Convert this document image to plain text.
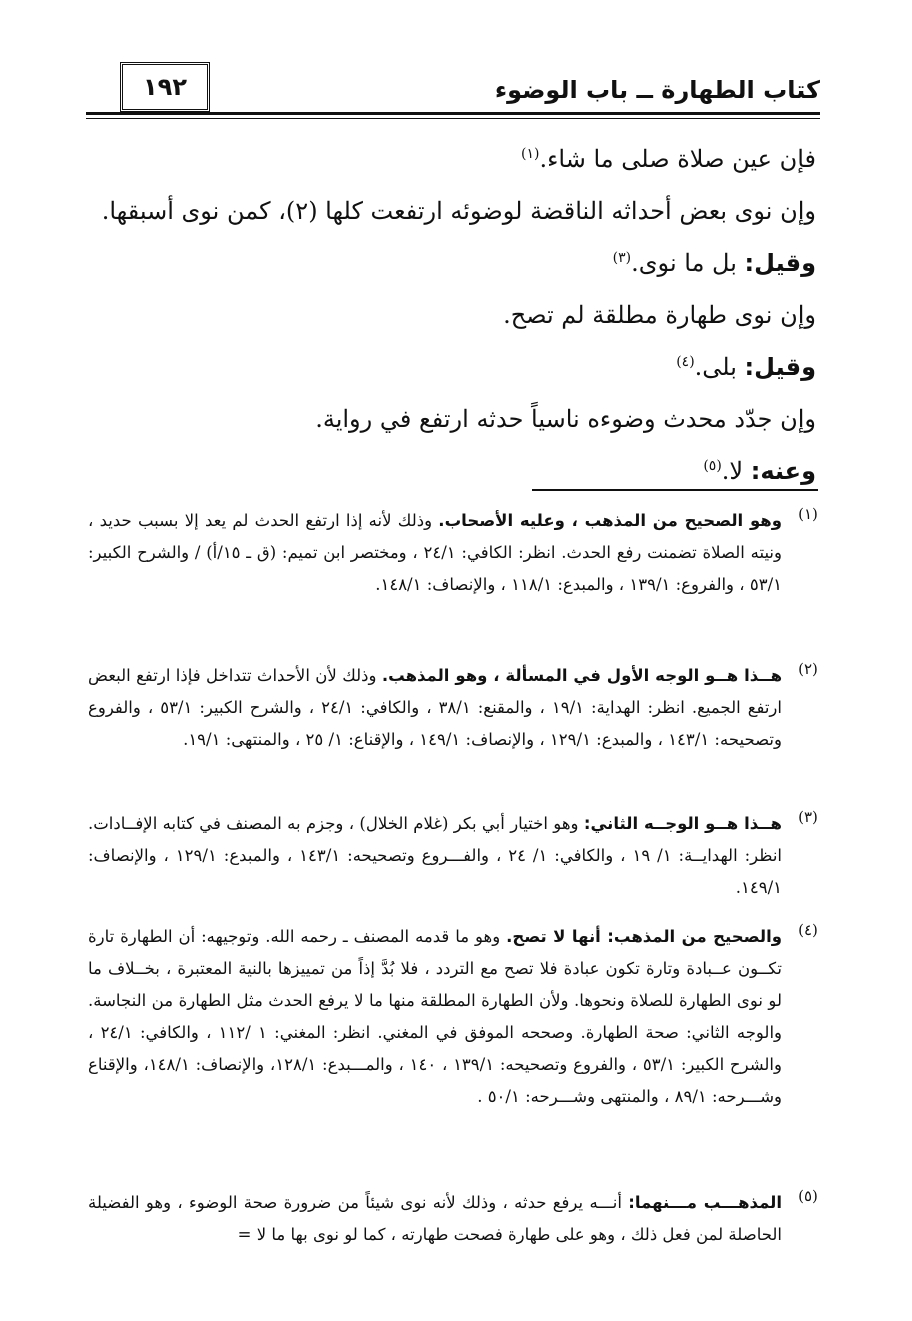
كتاب الطهارة ــ باب الوضوء
١٩٢
فإن عين صلاة صلى ما شاء.$^{(١)}$
وإن نوى بعض أحداثه الناقضة لوضوئه ارتفعت كلها (٢)، كمن نوى أسبقها.
وقيل: بل ما نوى.$^{(٣)}$
وإن نوى طهارة مطلقة لم تصح.
وقيل: بلى.$^{(٤)}$
وإن جدّد محدث وضوءه ناسياً حدثه ارتفع في رواية.
وعنه: لا.$^{(٥)}$
(١)
وهو الصحيح من المذهب ، وعليه الأصحاب. وذلك لأنه إذا ارتفع الحدث لم يعد إلا بسبب حديد ، ونيته الصلاة تضمنت رفع الحدث. انظر: الكافي: ٢٤/١ ، ومختصر ابن تميم: (ق ـ ١٥/أ) / والشرح الكبير: ٥٣/١ ، والفروع: ١٣٩/١ ، والمبدع: ١١٨/١ ، والإنصاف: ١٤٨/١.
(٢)
هــذا هــو الوجه الأول في المسألة ، وهو المذهب. وذلك لأن الأحداث تتداخل فإذا ارتفع البعض ارتفع الجميع. انظر: الهداية: ١٩/١ ، والمقنع: ٣٨/١ ، والكافي: ٢٤/١ ، والشرح الكبير: ٥٣/١ ، والفروع وتصحيحه: ١٤٣/١ ، والمبدع: ١٢٩/١ ، والإنصاف: ١٤٩/١ ، والإقناع: ١/ ٢٥ ، والمنتهى: ١٩/١.
(٣)
هــذا هــو الوجــه الثاني: وهو اختيار أبي بكر (غلام الخلال) ، وجزم به المصنف في كتابه الإفــادات. انظر: الهدايــة: ١/ ١٩ ، والكافي: ١/ ٢٤ ، والفـــروع وتصحيحه: ١٤٣/١ ، والمبدع: ١٢٩/١ ، والإنصاف: ١٤٩/١.
(٤)
والصحيح من المذهب: أنها لا تصح. وهو ما قدمه المصنف ـ رحمه الله. وتوجيهه: أن الطهارة تارة تكــون عــبادة وتارة تكون عبادة فلا تصح مع التردد ، فلا بُدَّ إذاً من تمييزها بالنية المعتبرة ، بخــلاف ما لو نوى الطهارة للصلاة ونحوها. ولأن الطهارة المطلقة منها ما لا يرفع الحدث مثل الطهارة من النجاسة. والوجه الثاني: صحة الطهارة. وصححه الموفق في المغني. انظر: المغني: ١ /١١٢ ، والكافي: ٢٤/١ ، والشرح الكبير: ٥٣/١ ، والفروع وتصحيحه: ١٣٩/١ ، ١٤٠ ، والمـــبدع: ١٢٨/١، والإنصاف: ١٤٨/١، والإقناع وشـــرحه: ٨٩/١ ، والمنتهى وشـــرحه: ٥٠/١ .
(٥)
المذهـــب مـــنهما: أنـــه يرفع حدثه ، وذلك لأنه نوى شيئاً من ضرورة صحة الوضوء ، وهو الفضيلة الحاصلة لمن فعل ذلك ، وهو على طهارة فصحت طهارته ، كما لو نوى بها ما لا =
